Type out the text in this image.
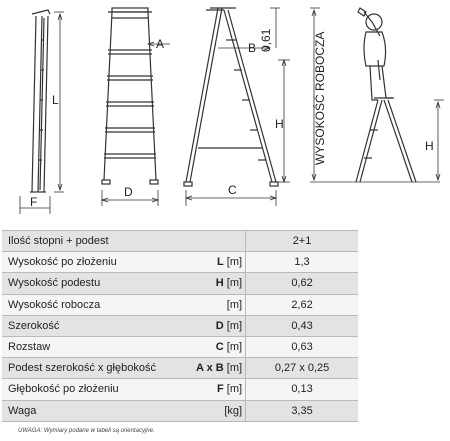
L
F
A
D
B 0,61
H
C
WYSOKOŚĆ ROBOCZA	H
Ilość stopni + podest		2+1
Wysokość po złożeniu	L [m]	1,3
Wysokość podestu	H [m]	0,62
Wysokość robocza	[m]	2,62
Szerokość	D [m]	0,43
Rozstaw	C [m]	0,63
Podest szerokość x głębokość	A x B [m]	0,27 x 0,25
Głębokość po złożeniu	F [m]	0,13
Waga	[kg]	3,35
UWAGA: Wymiary podane w tabeli są orientacyjne.
